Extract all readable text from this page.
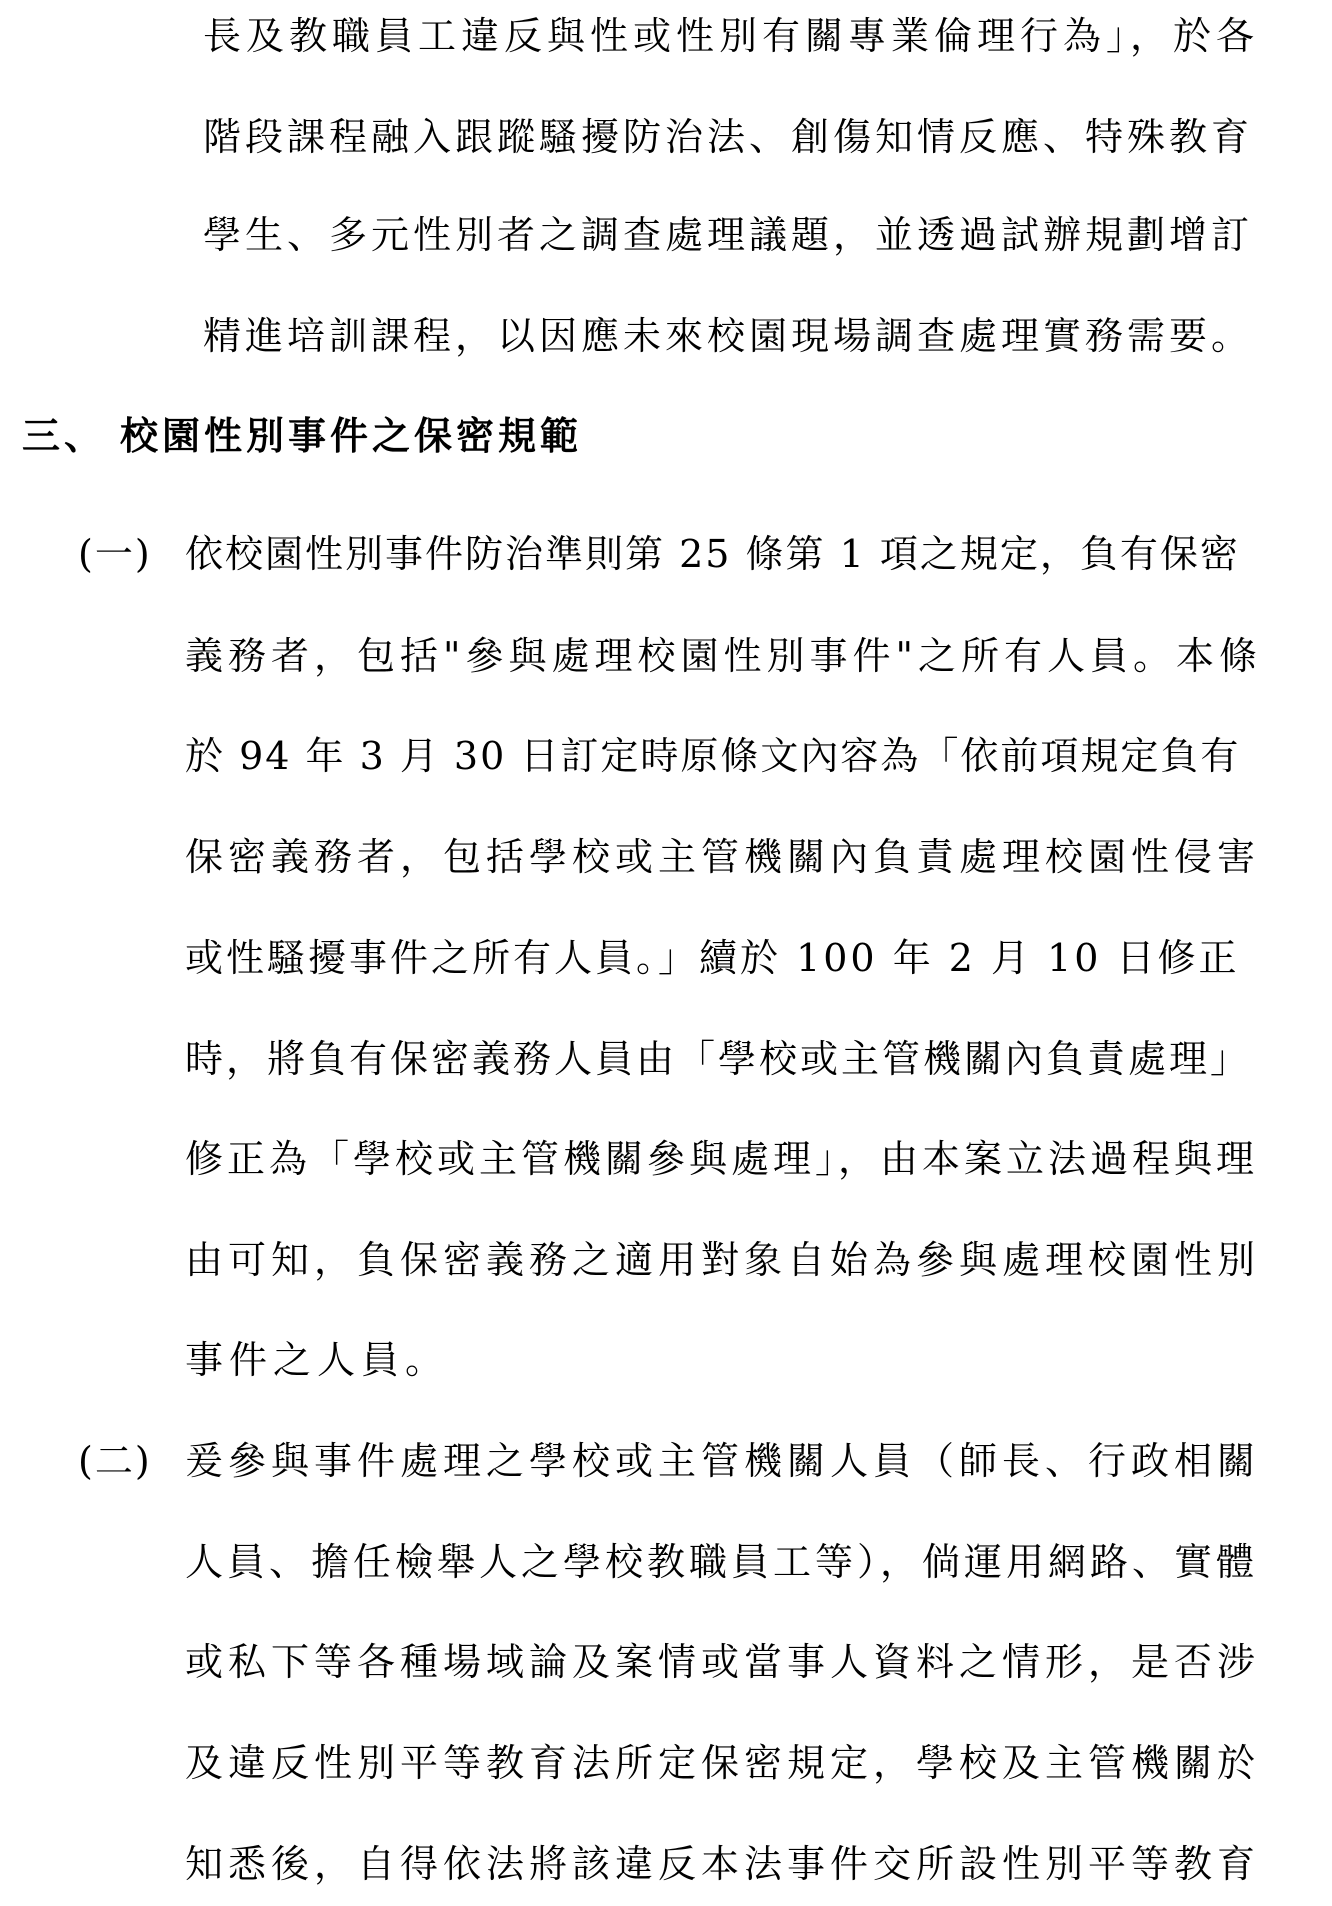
長及教職員工違反與性或性別有關專業倫理行為」，於各
階段課程融入跟蹤騷擾防治法、創傷知情反應、特殊教育
學生、多元性別者之調查處理議題，並透過試辦規劃增訂
精進培訓課程，以因應未來校園現場調查處理實務需要。
三、 校園性別事件之保密規範
(一) 依校園性別事件防治準則第 25 條第 1 項之規定，負有保密
義務者，包括"參與處理校園性別事件"之所有人員。本條
於 94 年 3 月 30 日訂定時原條文內容為「依前項規定負有
保密義務者，包括學校或主管機關內負責處理校園性侵害
或性騷擾事件之所有人員。」續於 100 年 2 月 10 日修正
時，將負有保密義務人員由「學校或主管機關內負責處理」
修正為「學校或主管機關參與處理」，由本案立法過程與理
由可知，負保密義務之適用對象自始為參與處理校園性別
事件之人員。
(二) 爰參與事件處理之學校或主管機關人員（師長、行政相關
人員、擔任檢舉人之學校教職員工等），倘運用網路、實體
或私下等各種場域論及案情或當事人資料之情形，是否涉
及違反性別平等教育法所定保密規定，學校及主管機關於
知悉後，自得依法將該違反本法事件交所設性別平等教育
